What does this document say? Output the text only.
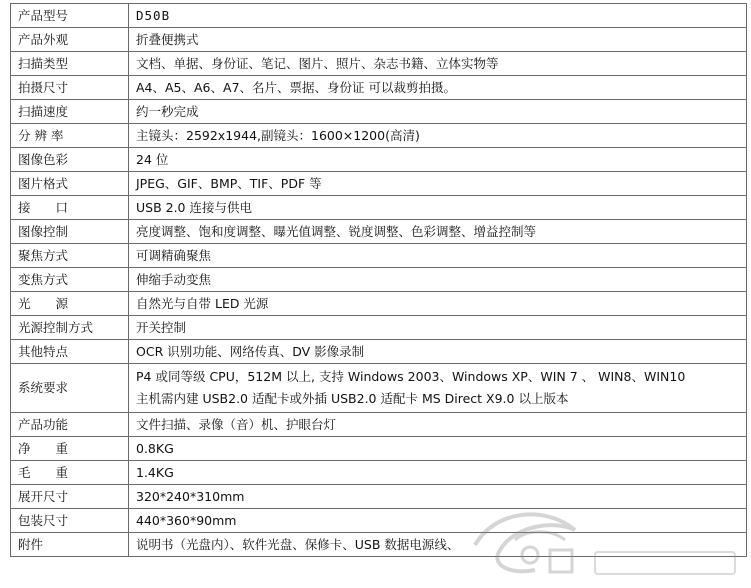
产品型号	D50B

产品外观	折叠便携式

扫描类型	文档、单据、身份证、笔记、图片、照片、杂志书籍、立体实物等

拍摄尺寸	A4、A5、A6、A7、名片、票据、身份证 可以裁剪拍摄。

扫描速度	约一秒完成

分 辨 率	主镜头：2592x1944,副镜头：1600×1200(高清)

图像色彩	24 位

图片格式	JPEG、GIF、BMP、TIF、PDF 等

接　　口	USB 2.0 连接与供电

图像控制	亮度调整、饱和度调整、曝光值调整、锐度调整、色彩调整、增益控制等

聚焦方式	可调精确聚焦

变焦方式	伸缩手动变焦

光　　源	自然光与自带 LED 光源

光源控制方式	开关控制

其他特点	OCR 识别功能、网络传真、DV 影像录制

系统要求	P4 或同等级 CPU，512M 以上, 支持 Windows 2003、Windows XP、WIN 7 、 WIN8、WIN10
主机需内建 USB2.0 适配卡或外插 USB2.0 适配卡 MS Direct X9.0 以上版本

产品功能	文件扫描、录像（音）机、护眼台灯

净　　重	0.8KG

毛　　重	1.4KG

展开尺寸	320*240*310mm

包装尺寸	440*360*90mm

附件	说明书（光盘内）、软件光盘、保修卡、USB 数据电源线、
